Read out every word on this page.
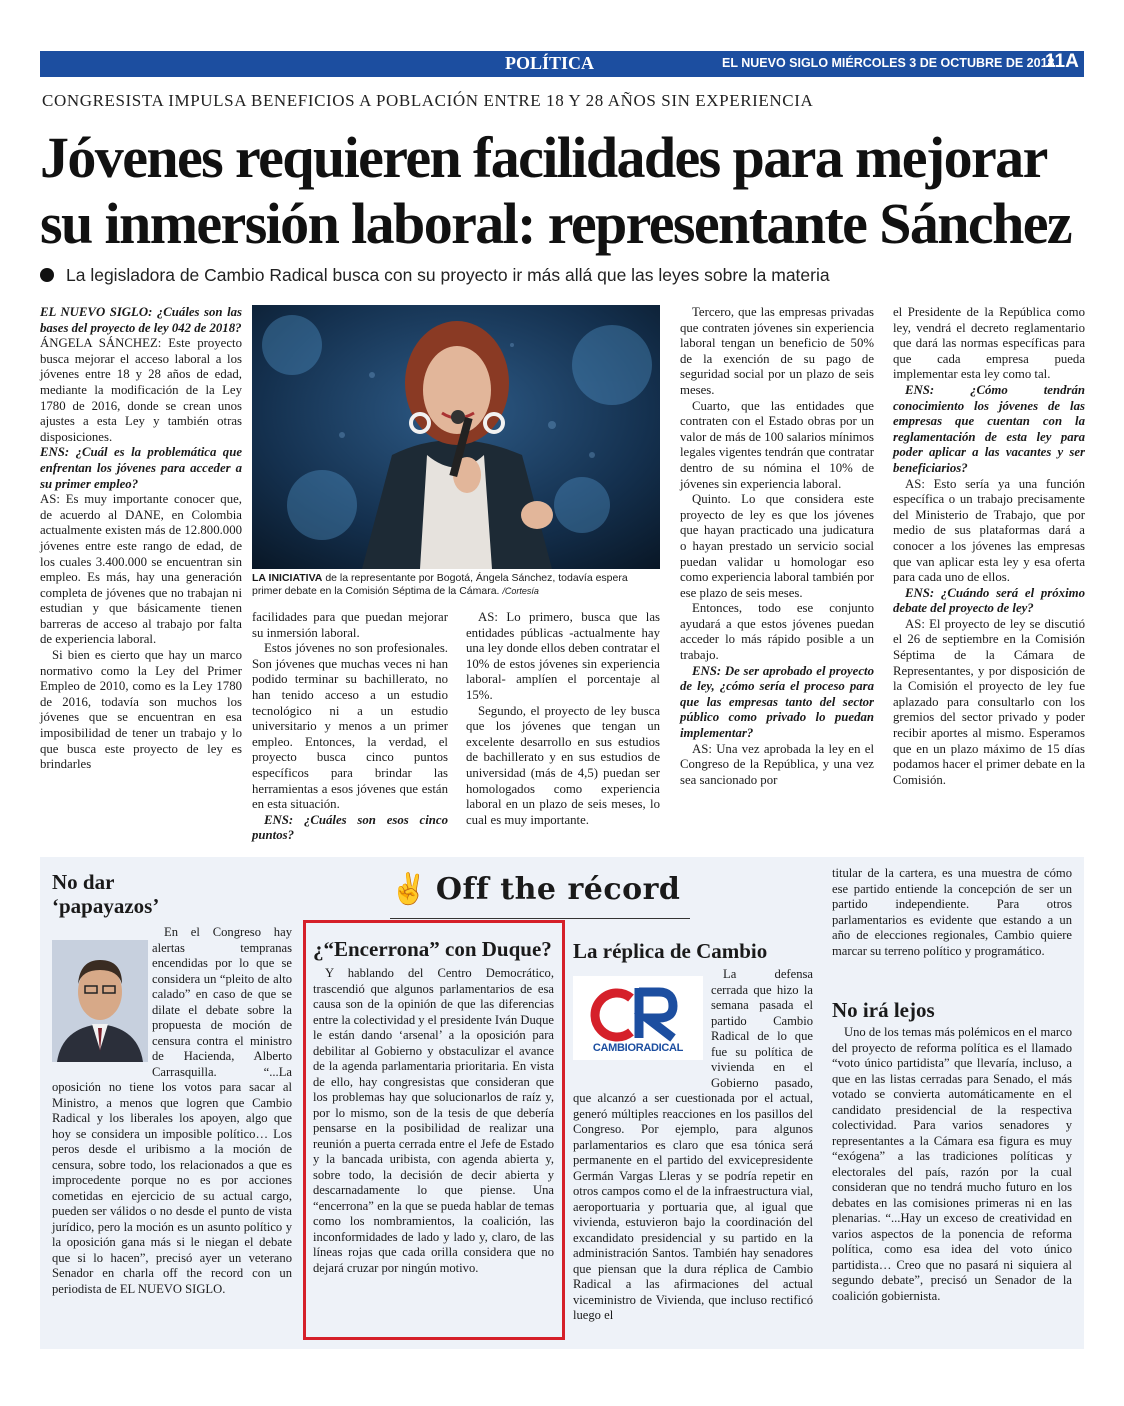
POLÍTICA	EL NUEVO SIGLO MIÉRCOLES 3 DE OCTUBRE DE 2018
11A
CONGRESISTA IMPULSA BENEFICIOS A POBLACIÓN ENTRE 18 Y 28 AÑOS SIN EXPERIENCIA
Jóvenes requieren facilidades para mejorar
su inmersión laboral: representante Sánchez
La legisladora de Cambio Radical busca con su proyecto ir más allá que las leyes sobre la materia

EL NUEVO SIGLO: ¿Cuáles son las bases del proyecto de ley 042 de 2018?

ÁNGELA SÁNCHEZ: Este proyecto busca mejorar el acceso laboral a los jóvenes entre 18 y 28 años de edad, mediante la modificación de la Ley 1780 de 2016, donde se crean unos ajustes a esta Ley y también otras disposiciones.

ENS: ¿Cuál es la problemática que enfrentan los jóvenes para acceder a su primer empleo?

AS: Es muy importante conocer que, de acuerdo al DANE, en Colombia actualmente existen más de 12.800.000 jóvenes entre este rango de edad, de los cuales 3.400.000 se encuentran sin empleo. Es más, hay una generación completa de jóvenes que no trabajan ni estudian y que básicamente tienen barreras de acceso al trabajo por falta de experiencia laboral.

Si bien es cierto que hay un marco normativo como la Ley del Primer Empleo de 2010, como es la Ley 1780 de 2016, todavía son muchos los jóvenes que se encuentran en esa imposibilidad de tener un trabajo y lo que busca este proyecto de ley es brindarles

LA INICIATIVA de la representante por Bogotá, Ángela Sánchez, todavía espera primer debate en la Comisión Séptima de la Cámara. /Cortesía

facilidades para que puedan mejorar su inmersión laboral.

Estos jóvenes no son profesionales. Son jóvenes que muchas veces ni han podido terminar su bachillerato, no han tenido acceso a un estudio tecnológico ni a un estudio universitario y menos a un primer empleo. Entonces, la verdad, el proyecto busca cinco puntos específicos para brindar las herramientas a esos jóvenes que están en esta situación.

ENS: ¿Cuáles son esos cinco puntos?

AS: Lo primero, busca que las entidades públicas -actualmente hay una ley donde ellos deben contratar el 10% de estos jóvenes sin experiencia laboral- amplíen el porcentaje al 15%.

Segundo, el proyecto de ley busca que los jóvenes que tengan un excelente desarrollo en sus estudios de bachillerato y en sus estudios de universidad (más de 4,5) puedan ser homologados como experiencia laboral en un plazo de seis meses, lo cual es muy importante.

Tercero, que las empresas privadas que contraten jóvenes sin experiencia laboral tengan un beneficio de 50% de la exención de su pago de seguridad social por un plazo de seis meses.

Cuarto, que las entidades que contraten con el Estado obras por un valor de más de 100 salarios mínimos legales vigentes tendrán que contratar dentro de su nómina el 10% de jóvenes sin experiencia laboral.

Quinto. Lo que considera este proyecto de ley es que los jóvenes que hayan practicado una judicatura o hayan prestado un servicio social puedan validar u homologar eso como experiencia laboral también por ese plazo de seis meses.

Entonces, todo ese conjunto ayudará a que estos jóvenes puedan acceder lo más rápido posible a un trabajo.

ENS: De ser aprobado el proyecto de ley, ¿cómo sería el proceso para que las empresas tanto del sector público como privado lo puedan implementar?

AS: Una vez aprobada la ley en el Congreso de la República, y una vez sea sancionado por

el Presidente de la República como ley, vendrá el decreto reglamentario que dará las normas específicas para que cada empresa pueda implementar esta ley como tal.

ENS: ¿Cómo tendrán conocimiento los jóvenes de las empresas que cuentan con la reglamentación de esta ley para poder aplicar a las vacantes y ser beneficiarios?

AS: Esto sería ya una función específica o un trabajo precisamente del Ministerio de Trabajo, que por medio de sus plataformas dará a conocer a los jóvenes las empresas que van aplicar esta ley y esa oferta para cada uno de ellos.

ENS: ¿Cuándo será el próximo debate del proyecto de ley?

AS: El proyecto de ley se discutió el 26 de septiembre en la Comisión Séptima de la Cámara de Representantes, y por disposición de la Comisión el proyecto de ley fue aplazado para consultarlo con los gremios del sector privado y poder recibir aportes al mismo. Esperamos que en un plazo máximo de 15 días podamos hacer el primer debate en la Comisión.

✌ Off the récord
No dar ‘papayazos’
En el Congreso hay alertas tempranas encendidas por lo que se considera un “pleito de alto calado” en caso de que se dilate el debate sobre la propuesta de moción de censura contra el ministro de Hacienda, Alberto Carrasquilla. “...La oposición no tiene los votos para sacar al Ministro, a menos que logren que Cambio Radical y los liberales los apoyen, algo que hoy se considera un imposible político… Los peros desde el uribismo a la moción de censura, sobre todo, los relacionados a que es improcedente porque no es por acciones cometidas en ejercicio de su actual cargo, pueden ser válidos o no desde el punto de vista jurídico, pero la moción es un asunto político y la oposición gana más si le niegan el debate que si lo hacen”, precisó ayer un veterano Senador en charla off the record con un periodista de EL NUEVO SIGLO.
¿“Encerrona” con Duque?

Y hablando del Centro Democrático, trascendió que algunos parlamentarios de esa causa son de la opinión de que las diferencias entre la colectividad y el presidente Iván Duque le están dando ‘arsenal’ a la oposición para debilitar al Gobierno y obstaculizar el avance de la agenda parlamentaria prioritaria. En vista de ello, hay congresistas que consideran que los problemas hay que solucionarlos de raíz y, por lo mismo, son de la tesis de que debería pensarse en la posibilidad de realizar una reunión a puerta cerrada entre el Jefe de Estado y la bancada uribista, con agenda abierta y, sobre todo, la decisión de decir abierta y descarnadamente lo que piense. Una “encerrona” en la que se pueda hablar de temas como los nombramientos, la coalición, las inconformidades de lado y lado y, claro, de las líneas rojas que cada orilla considera que no dejará cruzar por ningún motivo.

La réplica de Cambio
CAMBIORADICAL
La defensa cerrada que hizo la semana pasada el partido Cambio Radical de lo que fue su política de vivienda en el Gobierno pasado, que alcanzó a ser cuestionada por el actual, generó múltiples reacciones en los pasillos del Congreso. Por ejemplo, para algunos parlamentarios es claro que esa tónica será permanente en el partido del exvicepresidente Germán Vargas Lleras y se podría repetir en otros campos como el de la infraestructura vial, aeroportuaria y portuaria que, al igual que vivienda, estuvieron bajo la coordinación del excandidato presidencial y su partido en la administración Santos. También hay senadores que piensan que la dura réplica de Cambio Radical a las afirmaciones del actual viceministro de Vivienda, que incluso rectificó luego el

titular de la cartera, es una muestra de cómo ese partido entiende la concepción de ser un partido independiente. Para otros parlamentarios es evidente que estando a un año de elecciones regionales, Cambio quiere marcar su terreno político y programático.

No irá lejos

Uno de los temas más polémicos en el marco del proyecto de reforma política es el llamado “voto único partidista” que llevaría, incluso, a que en las listas cerradas para Senado, el más votado se convierta automáticamente en el candidato presidencial de la respectiva colectividad. Para varios senadores y representantes a la Cámara esa figura es muy “exógena” a las tradiciones políticas y electorales del país, razón por la cual consideran que no tendrá mucho futuro en los debates en las comisiones primeras ni en las plenarias. “...Hay un exceso de creatividad en varios aspectos de la ponencia de reforma política, como esa idea del voto único partidista… Creo que no pasará ni siquiera al segundo debate”, precisó un Senador de la coalición gobiernista.
